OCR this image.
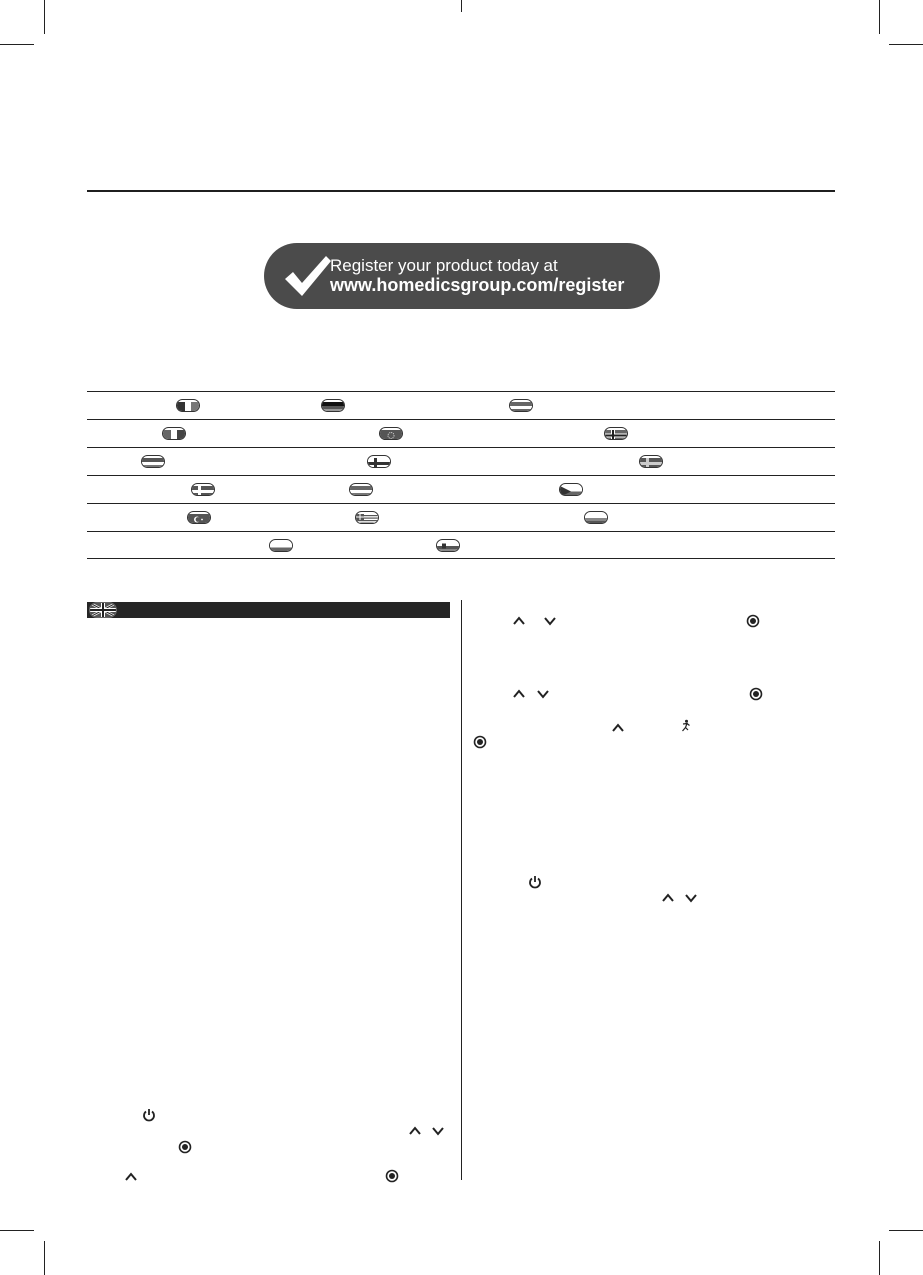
Register your product today at
www.homedicsgroup.com/register
